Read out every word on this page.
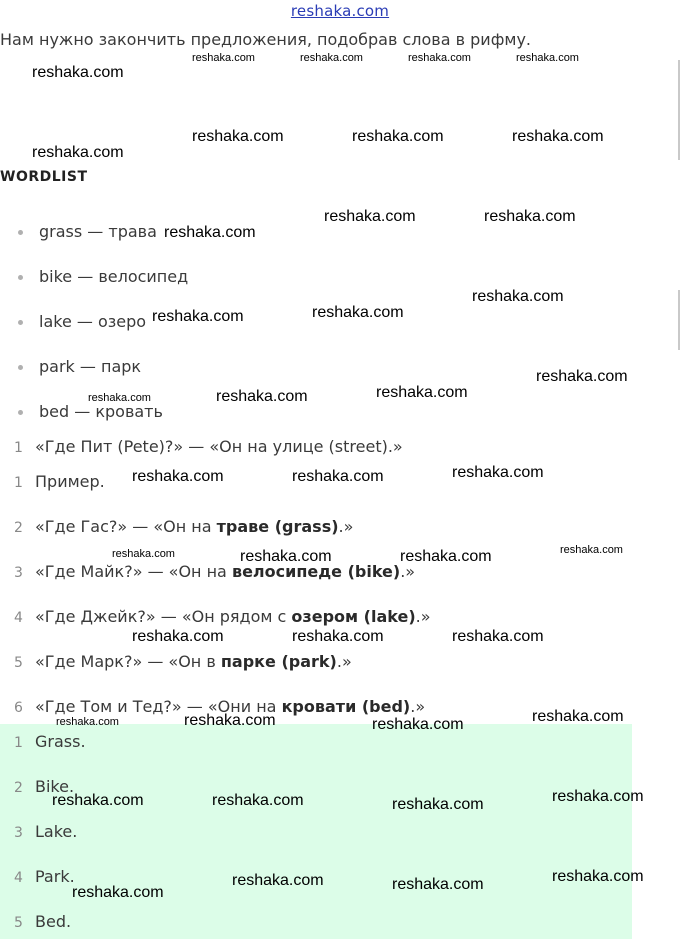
reshaka.com
Нам нужно закончить предложения, подобрав слова в рифму.
WORDLIST
grass — трава
bike — велосипед
lake — озеро
park — парк
bed — кровать
1 «Где Пит (Pete)?» — «Он на улице (street).»
1 Пример.
2 «Где Гас?» — «Он на траве (grass).»
3 «Где Майк?» — «Он на велосипеде (bike).»
4 «Где Джейк?» — «Он рядом с озером (lake).»
5 «Где Марк?» — «Он в парке (park).»
6 «Где Том и Тед?» — «Они на кровати (bed).»
1 Grass.
2 Bike.
3 Lake.
4 Park.
5 Bed.
reshaka.com
reshaka.com	reshaka.com	reshaka.com	reshaka.com
reshaka.com	reshaka.com	reshaka.com
reshaka.com
reshaka.com	reshaka.com
reshaka.com
reshaka.com
reshaka.com
reshaka.com
reshaka.com
reshaka.com	reshaka.com
reshaka.com
reshaka.com	reshaka.com	reshaka.com
reshaka.com	reshaka.com	reshaka.com	reshaka.com
reshaka.com	reshaka.com	reshaka.com
reshaka.com
reshaka.com	reshaka.com
reshaka.com
reshaka.com	reshaka.com	reshaka.com	reshaka.com
reshaka.com
reshaka.com	reshaka.com	reshaka.com
